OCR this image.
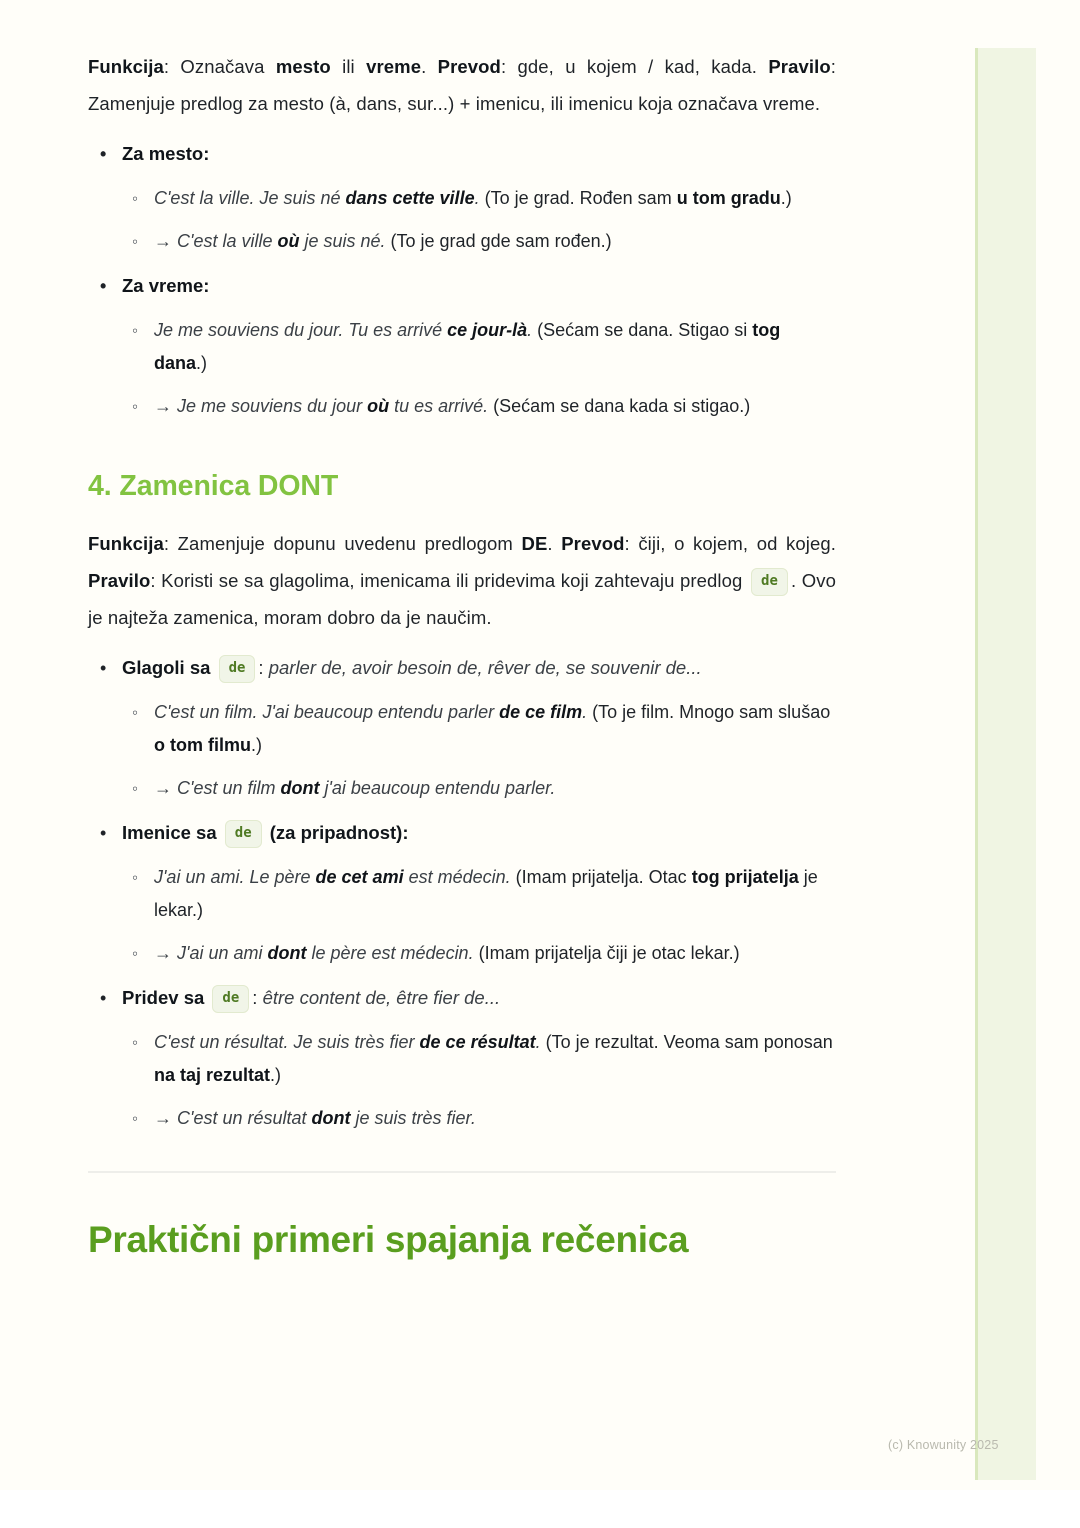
Funkcija: Označava mesto ili vreme. Prevod: gde, u kojem / kad, kada. Pravilo: Zamenjuje predlog za mesto (à, dans, sur...) + imenicu, ili imenicu koja označava vreme.

• Za mesto:
◦ C'est la ville. Je suis né dans cette ville. (To je grad. Rođen sam u tom gradu.)
◦ → C'est la ville où je suis né. (To je grad gde sam rođen.)
• Za vreme:
◦ Je me souviens du jour. Tu es arrivé ce jour-là. (Sećam se dana. Stigao si tog dana.)
◦ → Je me souviens du jour où tu es arrivé. (Sećam se dana kada si stigao.)
4. Zamenica DONT

Funkcija: Zamenjuje dopunu uvedenu predlogom DE. Prevod: čiji, o kojem, od kojeg. Pravilo: Koristi se sa glagolima, imenicama ili pridevima koji zahtevaju predlog de . Ovo je najteža zamenica, moram dobro da je naučim.

• Glagoli sa de : parler de, avoir besoin de, rêver de, se souvenir de...
◦ C'est un film. J'ai beaucoup entendu parler de ce film. (To je film. Mnogo sam slušao o tom filmu.)
◦ → C'est un film dont j'ai beaucoup entendu parler.
• Imenice sa de (za pripadnost):
◦ J'ai un ami. Le père de cet ami est médecin. (Imam prijatelja. Otac tog prijatelja je lekar.)
◦ → J'ai un ami dont le père est médecin. (Imam prijatelja čiji je otac lekar.)
• Pridev sa de : être content de, être fier de...
◦ C'est un résultat. Je suis très fier de ce résultat. (To je rezultat. Veoma sam ponosan na taj rezultat.)
◦ → C'est un résultat dont je suis très fier.
Praktični primeri spajanja rečenica
(c) Knowunity 2025
